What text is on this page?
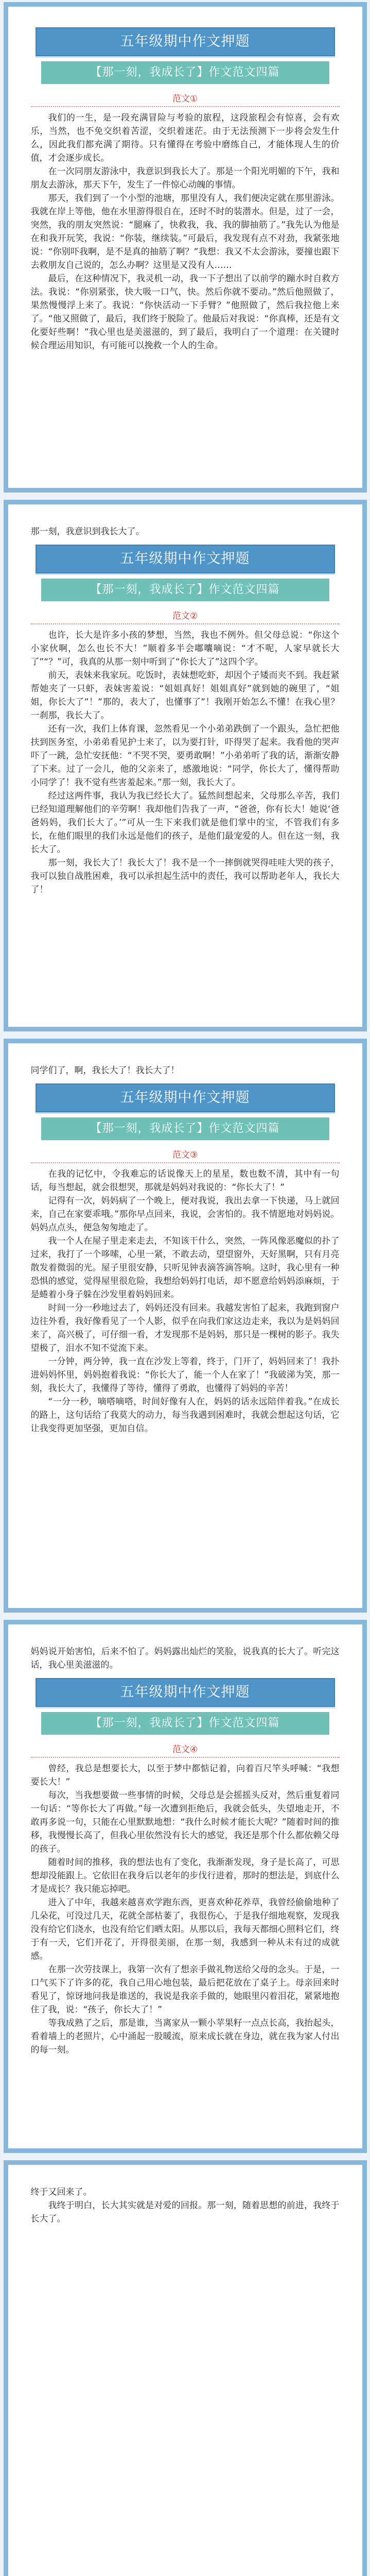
五年级期中作文押题
【那一刻，我成长了】作文范文四篇
范文①

我们的一生，是一段充满冒险与考验的旅程，这段旅程会有惊喜，会有欢乐，当然，也不免交织着苦涩，交织着迷茫。由于无法预测下一步将会发生什么，因此我们都充满了期待。只有懂得在考验中磨练自己，才能体现人生的价值，才会逐步成长。

在一次同朋友游泳中，我意识到我长大了。那是一个阳光明媚的下午，我和朋友去游泳，那天下午，发生了一件惊心动魄的事情。

那天，我们到了一个小型的池塘，那里没有人，我们便决定就在那里游泳。我就在岸上等他，他在水里游得很自在，还时不时的装潜水。但是，过了一会，突然，我的朋友突然说：“腿麻了，快救我，我、我的脚抽筋了。”我先认为他是在和我开玩笑，我说：“你装，继续装。”可最后，我发现有点不对劲，我紧张地说：“你别吓我啊，是不是真的抽筋了啊？”我想：我又不太会游泳，要撞也跟下去救朋友自己说的，怎么办啊？这里是又没有人……

最后，在这种情况下，我灵机一动，我一下子想出了以前学的蹦水时自救方法。我说：“你别紧张，快大吸一口气，快。然后你就不要动。”然后他照做了，果然慢慢浮上来了。我说：“你快活动一下手臂？”他照做了，然后我拉他上来了。“他又照做了，最后，我们终于脱险了。他最后对我说：“你真棒，还是有文化要好些啊！”我心里也是美滋滋的，到了最后，我明白了一个道理：在关键时候合理运用知识，有可能可以挽救一个人的生命。

那一刻，我意识到我长大了。

五年级期中作文押题
【那一刻，我成长了】作文范文四篇
范文②

也许，长大是许多小孩的梦想，当然，我也不例外。但父母总说：“你这个小家伙啊，怎么也长不大！”顺着多半会嘟囔嘀说：“才不呢，人家早就长大了”“？”可，我真的从那一刻中听到了“你长大了”这四个字。

前天，表妹来我家玩。吃饭时，表妹想吃虾，却因个子矮而夹不到。我赶紧帮她夹了一只虾，表妹害羞说：“姐姐真好！姐姐真好”就到她的碗里了，“姐姐，你长大了”！”那的，表大了，也懂事了”！我刚开始怎么不懂！在我心里？一刹那，我长大了。

还有一次，我们上体育课，忽然看见一个小弟弟跌倒了一个跟头，急忙把他扶到医务室，小弟弟看见护士来了，以为要打针，吓得哭了起来。我看他的哭声吓了一跳，急忙安抚他：“不哭不哭，要勇敢啊！”小弟弟听了我的话，渐渐安静了下来。过了一会儿，他的父亲来了，感激地说：“同学，你长大了，懂得帮助小同学了！我不觉有些害羞起来。”那一刻，我长大了。

经过这两件事，我认为我已经长大了。猛然间想起来，父母那么辛苦，我们已经知道理解他们的辛劳啊！我却他们告我了一声，“爸爸，你有长大！她说‘爸爸妈妈，我们长大了。’”可从一生下来我们就是他们掌中的宝，不管我们有多长，在他们眼里的我们永远是他们的孩子，是他们最宠爱的人。但在这一刻，我长大了。

那一刻，我长大了！我长大了！我不是一个一摔倒就哭得哇哇大哭的孩子，我可以独自战胜困难，我可以承担起生活中的责任，我可以帮助老年人，我长大了！

同学们了，啊，我长大了！我长大了！

五年级期中作文押题
【那一刻，我成长了】作文范文四篇
范文③

在我的记忆中，令我难忘的话说像天上的星星，数也数不清，其中有一句话，每当想起，就会很想哭，那就是妈妈对我说的：“你长大了！”

记得有一次，妈妈病了一个晚上，便对我说，我出去拿一下快递，马上就回来，自己在家要乖哦。”那你早点回来，我说，会害怕的。我不情愿地对妈妈说。妈妈点点头，便急匆匆地走了。

我一个人在屋子里走来走去，不知该干什么，突然，一阵风像恶魔似的扑了过来，我打了一个哆嗦，心里一紧，不敢去动，望望窗外，天好黑啊，只有月亮散发着微弱的光。屋子里很安静，只听见钟表滴答滴答响。这时，我心里有一种恐惧的感觉，觉得屋里很危险，我想给妈妈打电话，却不愿意给妈妈添麻烦，于是蜷着小身子躲在沙发里着妈妈回来。

时间一分一秒地过去了，妈妈还没有回来。我越发害怕了起来，我跑到窗户边往外看，我好像看见了一个人影，似乎在向我们家这边走来，我以为是妈妈回来了，高兴极了，可仔细一看，才发现那不是妈妈，那只是一棵树的影子。我失望极了，泪水不知不觉流下来。

一分钟，两分钟，我一直在沙发上等着，终于，门开了，妈妈回来了！我扑进妈妈怀里，妈妈抱着我说：“你长大了，能一个人在家了！”我破涕为笑，那一刻，我长大了，我懂得了等待，懂得了勇敢，也懂得了妈妈的辛苦！

“一分一秒，嘀嗒嘀嗒，时间好像有人在，妈妈的话永远陪伴着我。”在成长的路上，这句话给了我莫大的动力，每当我遇到困难时，我就会想起这句话，它让我变得更加坚强，更加自信。

妈妈说开始害怕，后来不怕了。妈妈露出灿烂的笑脸，说我真的长大了。听完这话，我心里美滋滋的。

五年级期中作文押题
【那一刻，我成长了】作文范文四篇
范文④

曾经，我总是想要长大，以至于梦中都惦记着，向着百尺竿头呼喊：“我想要长大！”

每次，当我想要做一些事情的时候，父母总是会摇摇头反对，然后重复着同一句话：“等你长大了再做。”每一次遭到拒绝后，我就会低头，失望地走开，不敢再多说一句，只能在心里默默地想：“我什么时候才能长大呢？”随着时间的推移，我慢慢长高了，但我心里依然没有长大的感觉，我还是那个什么都依赖父母的孩子。

随着时间的推移，我的想法也有了变化，我渐渐发现，身子是长高了，可思想却没能跟上。它依旧在我身后以老年的步伐行进着，那时的想法是，到底什么才是成长？我只能忘掉吧。

进入了中年，我越来越喜欢学跑东西，更喜欢种花养草，我曾经偷偷地种了几朵花，可没过几天，花就全部枯萎了，我很伤心，于是我仔细地观察，发现我没有给它们浇水，也没有给它们晒太阳。从那以后，我每天都细心照料它们，终于有一天，它们开花了，开得很美丽，在那一刻，我感到一种从未有过的成就感。

在那一次劳技课上，我第一次有了想亲手做礼物送给父母的念头。于是，一口气买下了许多的花，我自己用心地包装，最后把花放在了桌子上。母亲回来时看见了，惊讶地问我是谁送的，我说是我亲手做的，她眼里闪着泪花，紧紧地抱住了我，说：“孩子，你长大了！”

等我成熟了之后，那是谁，当离家从一颗小苹果籽一点点长高，我抬起头，看着墙上的老照片，心中涌起一股暖流，原来成长就在身边，就在我为家人付出的每一刻。

终于又回来了。

我终于明白，长大其实就是对爱的回报。那一刻，随着思想的前进，我终于长大了。
